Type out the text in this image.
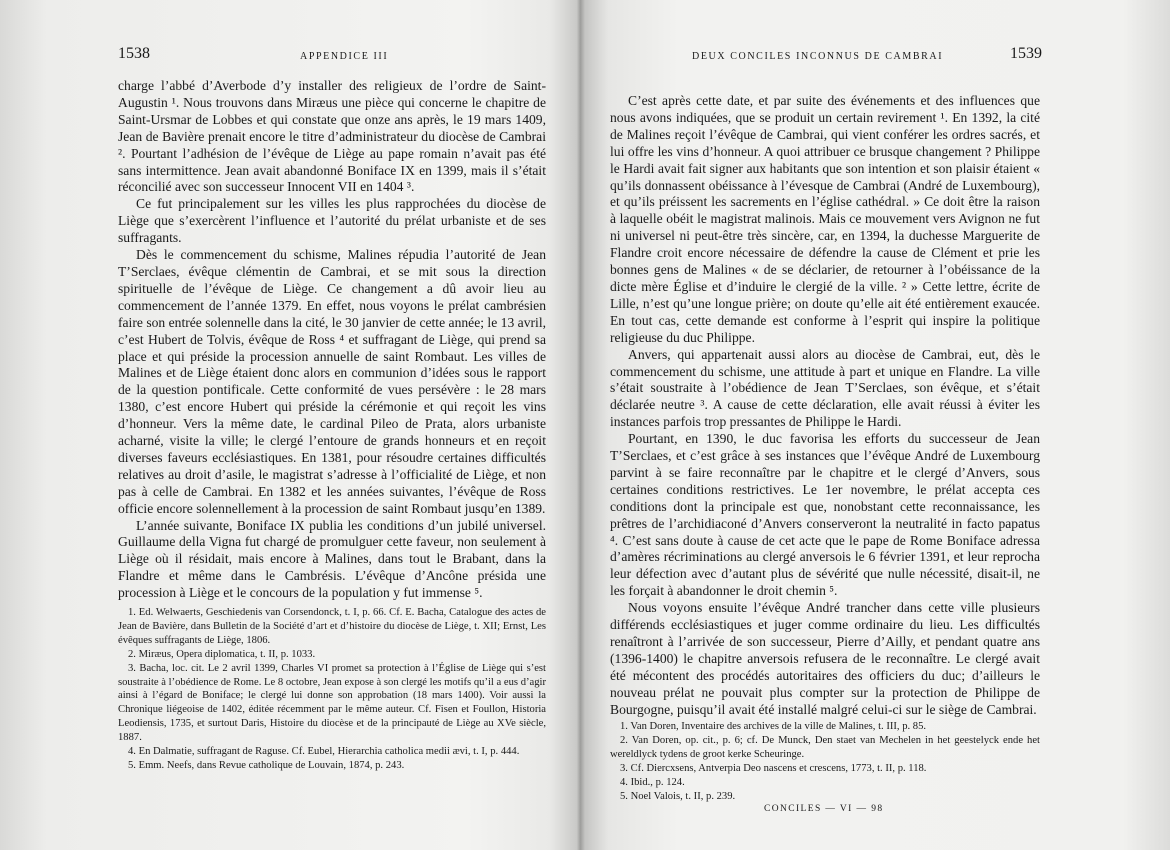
1538	APPENDICE III

charge l’abbé d’Averbode d’y installer des religieux de l’ordre de Saint-Augustin ¹. Nous trouvons dans Miræus une pièce qui concerne le chapitre de Saint-Ursmar de Lobbes et qui constate que onze ans après, le 19 mars 1409, Jean de Bavière prenait encore le titre d’administrateur du diocèse de Cambrai ². Pourtant l’adhésion de l’évêque de Liège au pape romain n’avait pas été sans intermittence. Jean avait abandonné Boniface IX en 1399, mais il s’était réconcilié avec son successeur Innocent VII en 1404 ³.

Ce fut principalement sur les villes les plus rapprochées du diocèse de Liège que s’exercèrent l’influence et l’autorité du prélat urbaniste et de ses suffragants.

Dès le commencement du schisme, Malines répudia l’autorité de Jean T’Serclaes, évêque clémentin de Cambrai, et se mit sous la direction spirituelle de l’évêque de Liège. Ce changement a dû avoir lieu au commencement de l’année 1379. En effet, nous voyons le prélat cambrésien faire son entrée solennelle dans la cité, le 30 janvier de cette année; le 13 avril, c’est Hubert de Tolvis, évêque de Ross ⁴ et suffragant de Liège, qui prend sa place et qui préside la procession annuelle de saint Rombaut. Les villes de Malines et de Liège étaient donc alors en communion d’idées sous le rapport de la question pontificale. Cette conformité de vues persévère : le 28 mars 1380, c’est encore Hubert qui préside la cérémonie et qui reçoit les vins d’honneur. Vers la même date, le cardinal Pileo de Prata, alors urbaniste acharné, visite la ville; le clergé l’entoure de grands honneurs et en reçoit diverses faveurs ecclésiastiques. En 1381, pour résoudre certaines difficultés relatives au droit d’asile, le magistrat s’adresse à l’officialité de Liège, et non pas à celle de Cambrai. En 1382 et les années suivantes, l’évêque de Ross officie encore solennellement à la procession de saint Rombaut jusqu’en 1389.

L’année suivante, Boniface IX publia les conditions d’un jubilé universel. Guillaume della Vigna fut chargé de promulguer cette faveur, non seulement à Liège où il résidait, mais encore à Malines, dans tout le Brabant, dans la Flandre et même dans le Cambrésis. L’évêque d’Ancône présida une procession à Liège et le concours de la population y fut immense ⁵.

1. Ed. Welwaerts, Geschiedenis van Corsendonck, t. I, p. 66. Cf. E. Bacha, Catalogue des actes de Jean de Bavière, dans Bulletin de la Société d’art et d’histoire du diocèse de Liège, t. XII; Ernst, Les évêques suffragants de Liège, 1806.
2. Miræus, Opera diplomatica, t. II, p. 1033.
3. Bacha, loc. cit. Le 2 avril 1399, Charles VI promet sa protection à l’Église de Liège qui s’est soustraite à l’obédience de Rome. Le 8 octobre, Jean expose à son clergé les motifs qu’il a eus d’agir ainsi à l’égard de Boniface; le clergé lui donne son approbation (18 mars 1400). Voir aussi la Chronique liégeoise de 1402, éditée récemment par le même auteur. Cf. Fisen et Foullon, Historia Leodiensis, 1735, et surtout Daris, Histoire du diocèse et de la principauté de Liège au XVe siècle, 1887.
4. En Dalmatie, suffragant de Raguse. Cf. Eubel, Hierarchia catholica medii ævi, t. I, p. 444.
5. Emm. Neefs, dans Revue catholique de Louvain, 1874, p. 243.
DEUX CONCILES INCONNUS DE CAMBRAI	1539

C’est après cette date, et par suite des événements et des influences que nous avons indiquées, que se produit un certain revirement ¹. En 1392, la cité de Malines reçoit l’évêque de Cambrai, qui vient conférer les ordres sacrés, et lui offre les vins d’honneur. A quoi attribuer ce brusque changement ? Philippe le Hardi avait fait signer aux habitants que son intention et son plaisir étaient « qu’ils donnassent obéissance à l’évesque de Cambrai (André de Luxembourg), et qu’ils préissent les sacrements en l’église cathédral. » Ce doit être la raison à laquelle obéit le magistrat malinois. Mais ce mouvement vers Avignon ne fut ni universel ni peut-être très sincère, car, en 1394, la duchesse Marguerite de Flandre croit encore nécessaire de défendre la cause de Clément et prie les bonnes gens de Malines « de se déclarier, de retourner à l’obéissance de la dicte mère Église et d’induire le clergié de la ville. ² » Cette lettre, écrite de Lille, n’est qu’une longue prière; on doute qu’elle ait été entièrement exaucée. En tout cas, cette demande est conforme à l’esprit qui inspire la politique religieuse du duc Philippe.

Anvers, qui appartenait aussi alors au diocèse de Cambrai, eut, dès le commencement du schisme, une attitude à part et unique en Flandre. La ville s’était soustraite à l’obédience de Jean T’Serclaes, son évêque, et s’était déclarée neutre ³. A cause de cette déclaration, elle avait réussi à éviter les instances parfois trop pressantes de Philippe le Hardi.

Pourtant, en 1390, le duc favorisa les efforts du successeur de Jean T’Serclaes, et c’est grâce à ses instances que l’évêque André de Luxembourg parvint à se faire reconnaître par le chapitre et le clergé d’Anvers, sous certaines conditions restrictives. Le 1er novembre, le prélat accepta ces conditions dont la principale est que, nonobstant cette reconnaissance, les prêtres de l’archidiaconé d’Anvers conserveront la neutralité in facto papatus ⁴. C’est sans doute à cause de cet acte que le pape de Rome Boniface adressa d’amères récriminations au clergé anversois le 6 février 1391, et leur reprocha leur défection avec d’autant plus de sévérité que nulle nécessité, disait-il, ne les forçait à abandonner le droit chemin ⁵.

Nous voyons ensuite l’évêque André trancher dans cette ville plusieurs différends ecclésiastiques et juger comme ordinaire du lieu. Les difficultés renaîtront à l’arrivée de son successeur, Pierre d’Ailly, et pendant quatre ans (1396-1400) le chapitre anversois refusera de le reconnaître. Le clergé avait été mécontent des procédés autoritaires des officiers du duc; d’ailleurs le nouveau prélat ne pouvait plus compter sur la protection de Philippe de Bourgogne, puisqu’il avait été installé malgré celui-ci sur le siège de Cambrai.

1. Van Doren, Inventaire des archives de la ville de Malines, t. III, p. 85.
2. Van Doren, op. cit., p. 6; cf. De Munck, Den staet van Mechelen in het geestelyck ende het wereldlyck tydens de groot kerke Scheuringe.
3. Cf. Diercxsens, Antverpia Deo nascens et crescens, 1773, t. II, p. 118.
4. Ibid., p. 124.
5. Noel Valois, t. II, p. 239.
CONCILES — VI — 98
